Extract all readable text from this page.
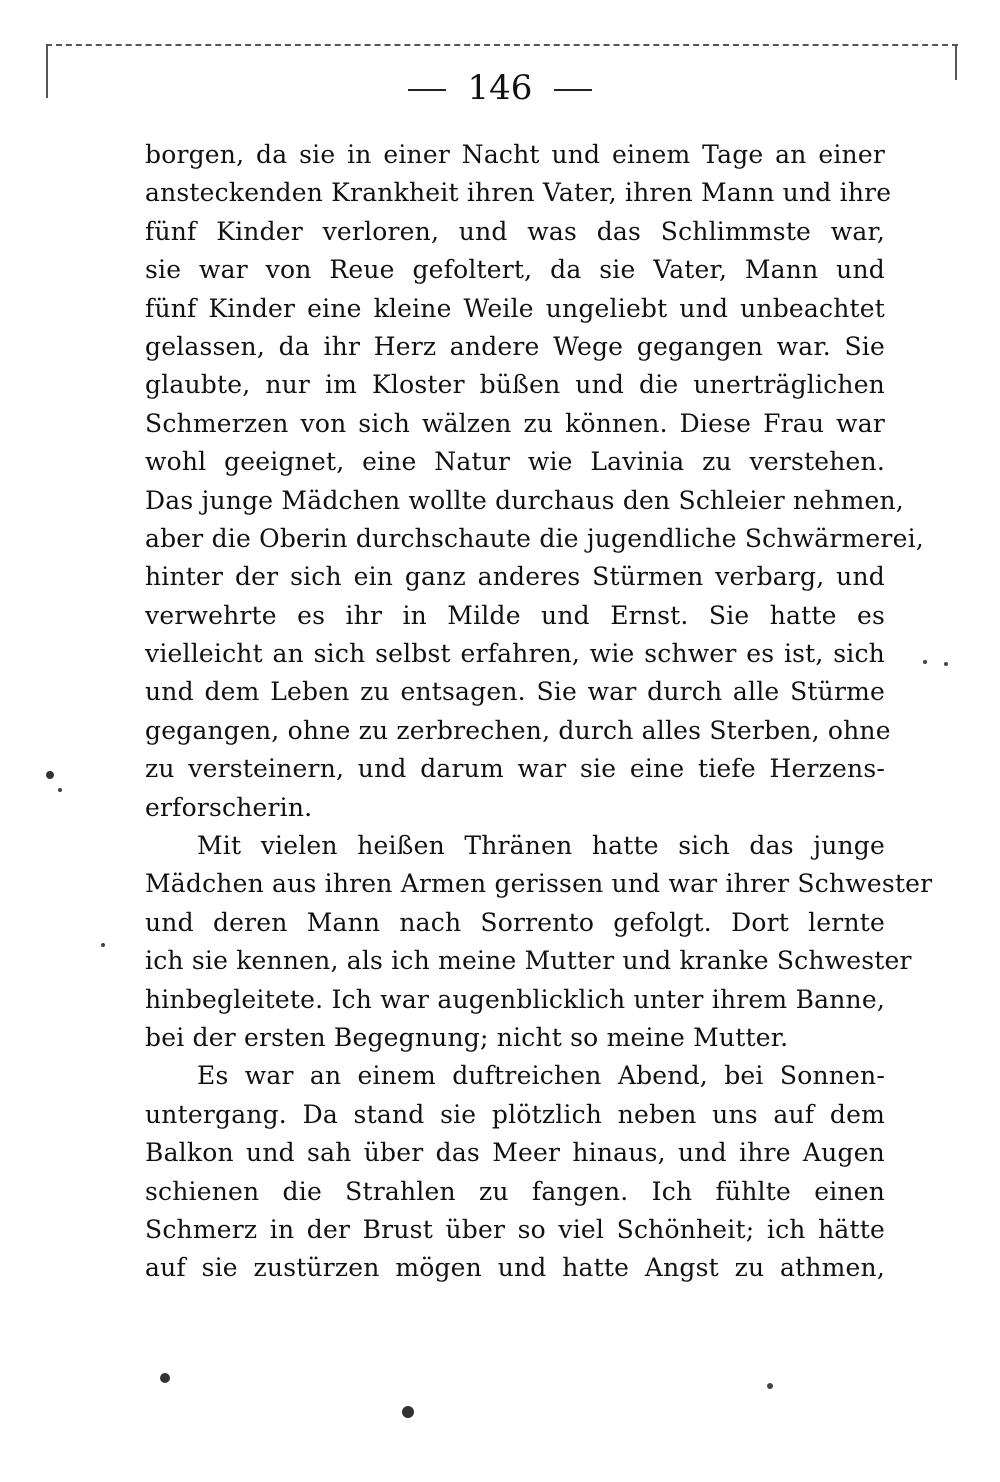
146
borgen, da sie in einer Nacht und einem Tage an einer
ansteckenden Krankheit ihren Vater, ihren Mann und ihre
fünf Kinder verloren, und was das Schlimmste war,
sie war von Reue gefoltert, da sie Vater, Mann und
fünf Kinder eine kleine Weile ungeliebt und unbeachtet
gelassen, da ihr Herz andere Wege gegangen war. Sie
glaubte, nur im Kloster büßen und die unerträglichen
Schmerzen von sich wälzen zu können. Diese Frau war
wohl geeignet, eine Natur wie Lavinia zu verstehen.
Das junge Mädchen wollte durchaus den Schleier nehmen,
aber die Oberin durchschaute die jugendliche Schwärmerei,
hinter der sich ein ganz anderes Stürmen verbarg, und
verwehrte es ihr in Milde und Ernst. Sie hatte es
vielleicht an sich selbst erfahren, wie schwer es ist, sich
und dem Leben zu entsagen. Sie war durch alle Stürme
gegangen, ohne zu zerbrechen, durch alles Sterben, ohne
zu versteinern, und darum war sie eine tiefe Herzens-
erforscherin.
Mit vielen heißen Thränen hatte sich das junge
Mädchen aus ihren Armen gerissen und war ihrer Schwester
und deren Mann nach Sorrento gefolgt. Dort lernte
ich sie kennen, als ich meine Mutter und kranke Schwester
hinbegleitete. Ich war augenblicklich unter ihrem Banne,
bei der ersten Begegnung; nicht so meine Mutter.
Es war an einem duftreichen Abend, bei Sonnen-
untergang. Da stand sie plötzlich neben uns auf dem
Balkon und sah über das Meer hinaus, und ihre Augen
schienen die Strahlen zu fangen. Ich fühlte einen
Schmerz in der Brust über so viel Schönheit; ich hätte
auf sie zustürzen mögen und hatte Angst zu athmen,
